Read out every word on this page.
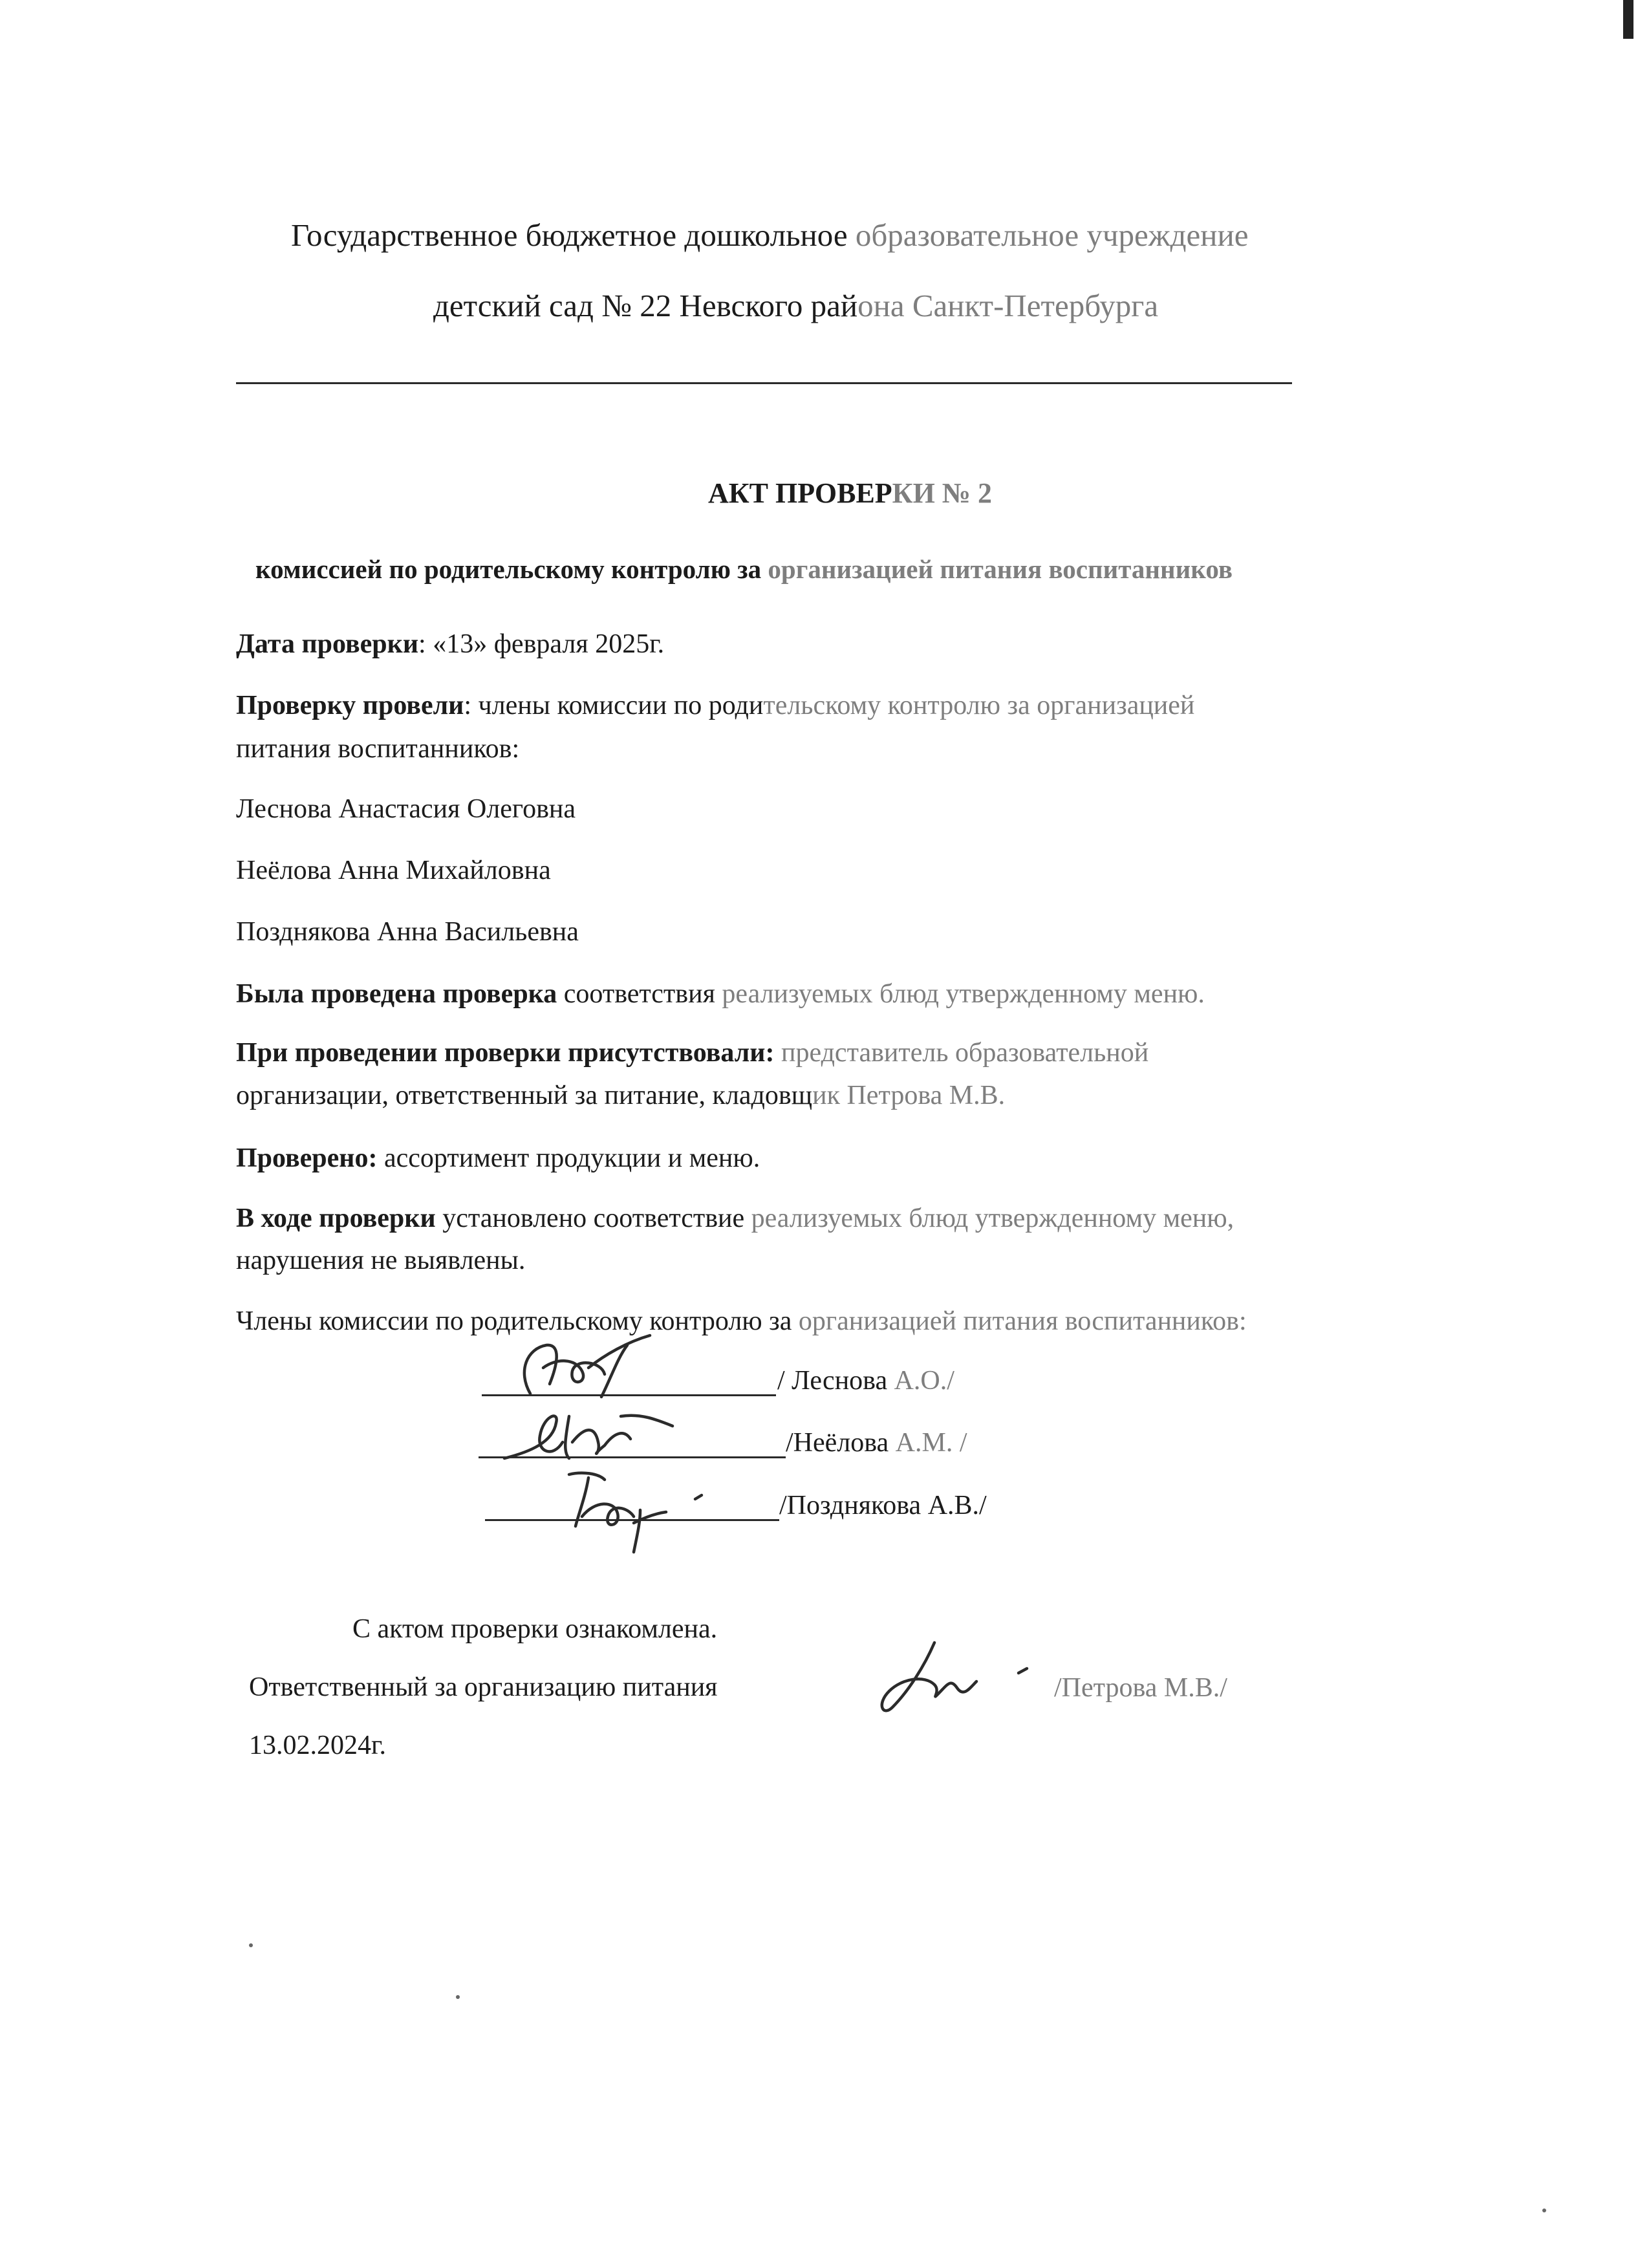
Государственное бюджетное дошкольное образовательное учреждение
детский сад № 22 Невского района Санкт-Петербурга
АКТ ПРОВЕРКИ № 2
комиссией по родительскому контролю за организацией питания воспитанников
Дата проверки: «13» февраля 2025г.
Проверку провели: члены комиссии по родительскому контролю за организацией
питания воспитанников:
Леснова Анастасия Олеговна
Неёлова Анна Михайловна
Позднякова Анна Васильевна
Была проведена проверка соответствия реализуемых блюд утвержденному меню.
При проведении проверки присутствовали: представитель образовательной
организации, ответственный за питание, кладовщик Петрова М.В.
Проверено: ассортимент продукции и меню.
В ходе проверки установлено соответствие реализуемых блюд утвержденному меню,
нарушения не выявлены.
Члены комиссии по родительскому контролю за организацией питания воспитанников:
/ Леснова А.О./
/Неёлова А.М. /
/Позднякова А.В./
С актом проверки ознакомлена.
Ответственный за организацию питания	/Петрова М.В./
13.02.2024г.
